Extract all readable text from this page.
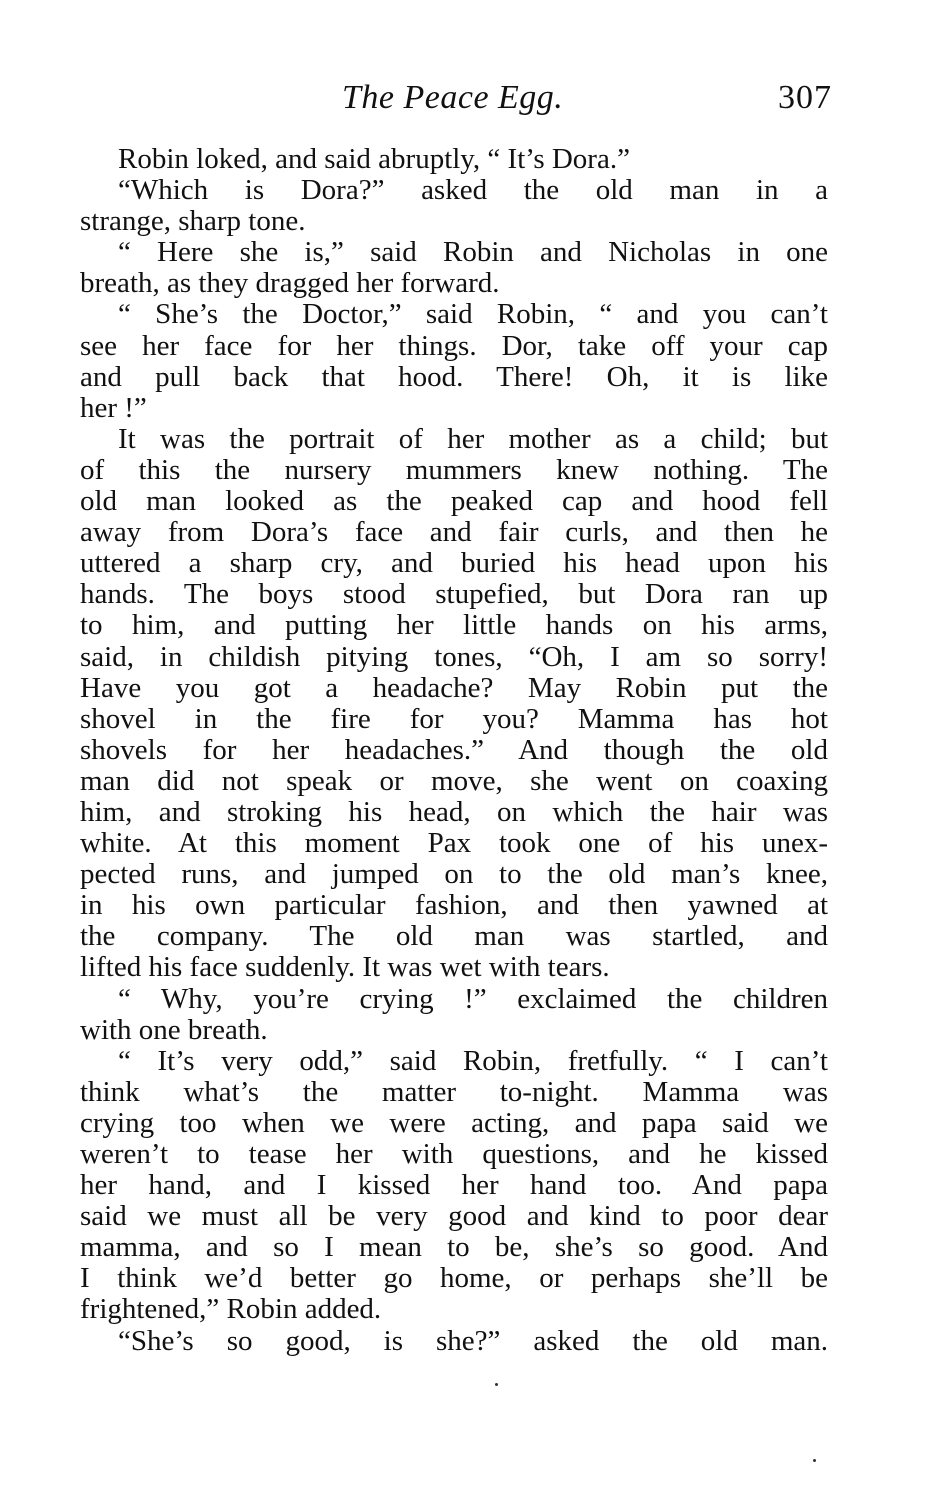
The Peace Egg.	307
Robin loked, and said abruptly, “ It’s Dora.”
“Which is Dora?” asked the old man in a
strange, sharp tone.
“ Here she is,” said Robin and Nicholas in one
breath, as they dragged her forward.
“ She’s the Doctor,” said Robin, “ and you can’t
see her face for her things. Dor, take off your cap
and pull back that hood. There! Oh, it is like
her !”
It was the portrait of her mother as a child; but
of this the nursery mummers knew nothing. The
old man looked as the peaked cap and hood fell
away from Dora’s face and fair curls, and then he
uttered a sharp cry, and buried his head upon his
hands. The boys stood stupefied, but Dora ran up
to him, and putting her little hands on his arms,
said, in childish pitying tones, “Oh, I am so sorry!
Have you got a headache? May Robin put the
shovel in the fire for you? Mamma has hot
shovels for her headaches.” And though the old
man did not speak or move, she went on coaxing
him, and stroking his head, on which the hair was
white. At this moment Pax took one of his unex-
pected runs, and jumped on to the old man’s knee,
in his own particular fashion, and then yawned at
the company. The old man was startled, and
lifted his face suddenly. It was wet with tears.
“ Why, you’re crying !” exclaimed the children
with one breath.
“ It’s very odd,” said Robin, fretfully. “ I can’t
think what’s the matter to-night. Mamma was
crying too when we were acting, and papa said we
weren’t to tease her with questions, and he kissed
her hand, and I kissed her hand too. And papa
said we must all be very good and kind to poor dear
mamma, and so I mean to be, she’s so good. And
I think we’d better go home, or perhaps she’ll be
frightened,” Robin added.
“She’s so good, is she?” asked the old man.
